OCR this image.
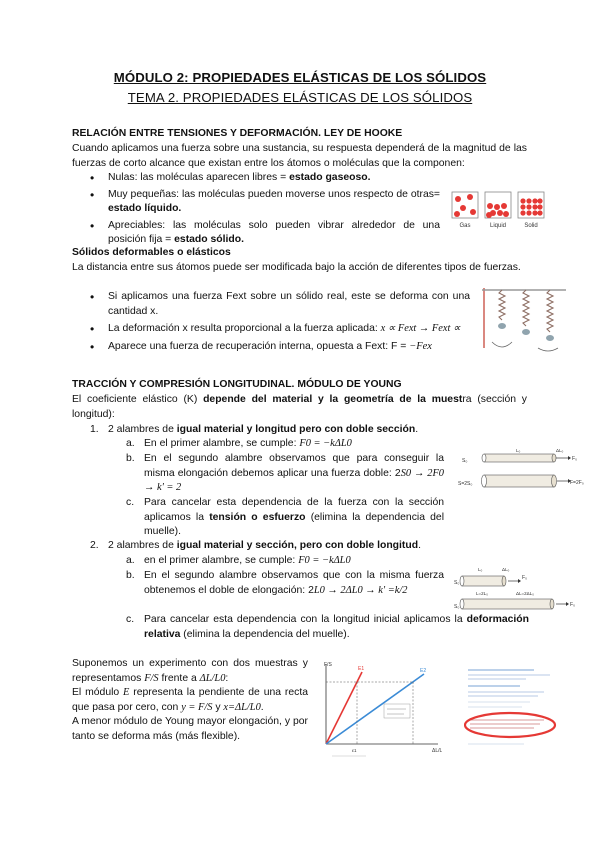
MÓDULO 2: PROPIEDADES ELÁSTICAS DE LOS SÓLIDOS
TEMA 2. PROPIEDADES ELÁSTICAS DE LOS SÓLIDOS
RELACIÓN ENTRE TENSIONES Y DEFORMACIÓN. LEY DE HOOKE
Cuando aplicamos una fuerza sobre una sustancia, su respuesta dependerá de la magnitud de las fuerzas de corto alcance que existan entre los átomos o moléculas que la componen:
• Nulas: las moléculas aparecen libres = estado gaseoso.
• Muy pequeñas: las moléculas pueden moverse unos respecto de otras= estado líquido.
• Apreciables: las moléculas solo pueden vibrar alrededor de una posición fija = estado sólido.
Gas	Liquid	Solid
Sólidos deformables o elásticos
La distancia entre sus átomos puede ser modificada bajo la acción de diferentes tipos de fuerzas.
• Si aplicamos una fuerza Fext sobre un sólido real, este se deforma con una cantidad x.
• La deformación x resulta proporcional a la fuerza aplicada: x ∝ Fext → Fext ∝
• Aparece una fuerza de recuperación interna, opuesta a Fext: F = −Fex
TRACCIÓN Y COMPRESIÓN LONGITUDINAL. MÓDULO DE YOUNG
El coeficiente elástico (K) depende del material y la geometría de la muestra (sección y longitud):
1. 2 alambres de igual material y longitud pero con doble sección.
a. En el primer alambre, se cumple: F0 = −kΔL0
b. En el segundo alambre observamos que para conseguir la misma elongación debemos aplicar una fuerza doble: 2S0 → 2F0 → k' = 2
c. Para cancelar esta dependencia de la fuerza con la sección aplicamos la tensión o esfuerzo (elimina la dependencia del muelle).
S₀	F₀
L₀	ΔL₀
S=2S₀	F=2F₀
2. 2 alambres de igual material y sección, pero con doble longitud.
a. en el primer alambre, se cumple: F0 = −kΔL0
b. En el segundo alambre observamos que con la misma fuerza obtenemos el doble de elongación: 2L0 → 2ΔL0 → k' =k/2
c. Para cancelar esta dependencia con la longitud inicial aplicamos la deformación relativa (elimina la dependencia del muelle).
S₀
L₀	ΔL₀
F₀
L=2L₀	ΔL=2ΔL₀
S₀	F₀
Suponemos un experimento con dos muestras y representamos F/S frente a ΔL/L0:
El módulo E representa la pendiente de una recta que pasa por cero, con y = F/S y x=ΔL/L0.
A menor módulo de Young mayor elongación, y por tanto se deforma más (más flexible).
F/S
ΔL/L
E1	E2
ε1
